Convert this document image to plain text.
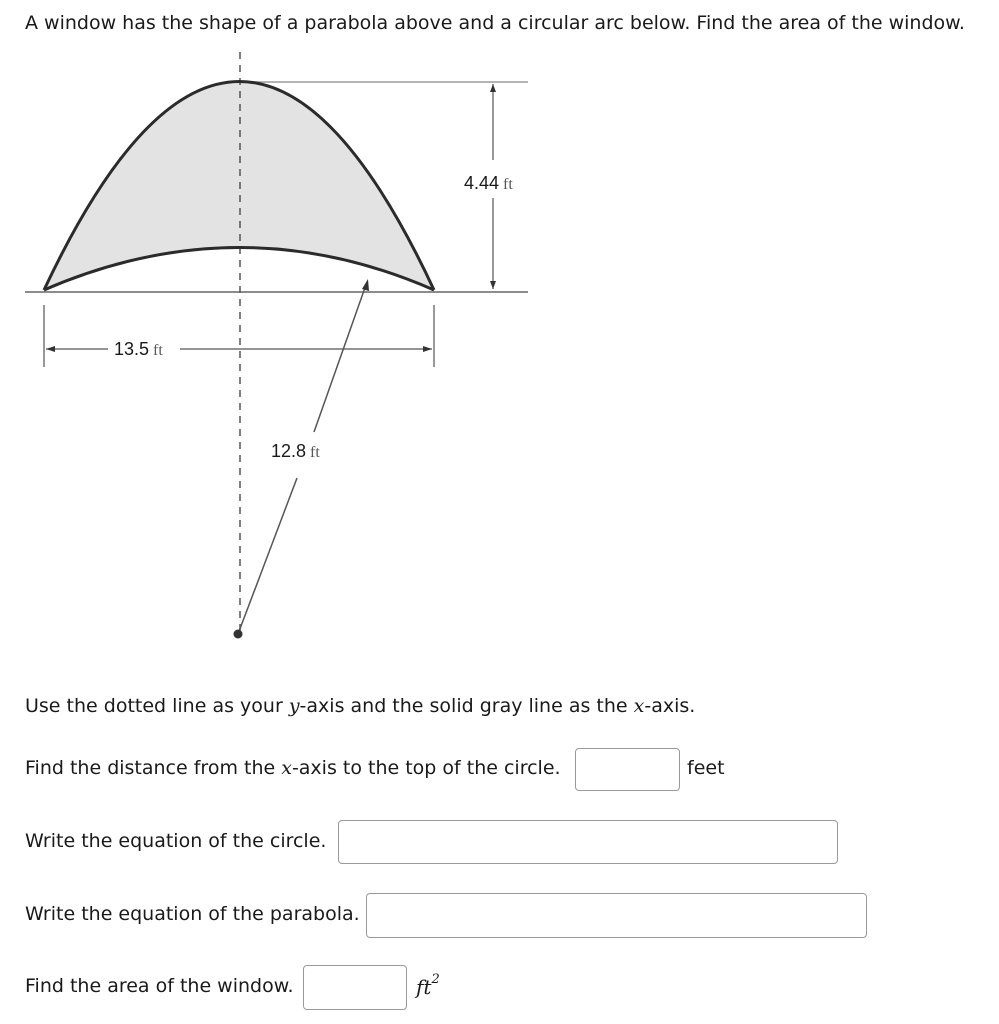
A window has the shape of a parabola above and a circular arc below. Find the area of the window.

4.44 ft
13.5 ft
12.8 ft

Use the dotted line as your y-axis and the solid gray line as the x-axis.

Find the distance from the x-axis to the top of the circle.	feet

Write the equation of the circle.

Write the equation of the parabola.

Find the area of the window.	$ft^2$
